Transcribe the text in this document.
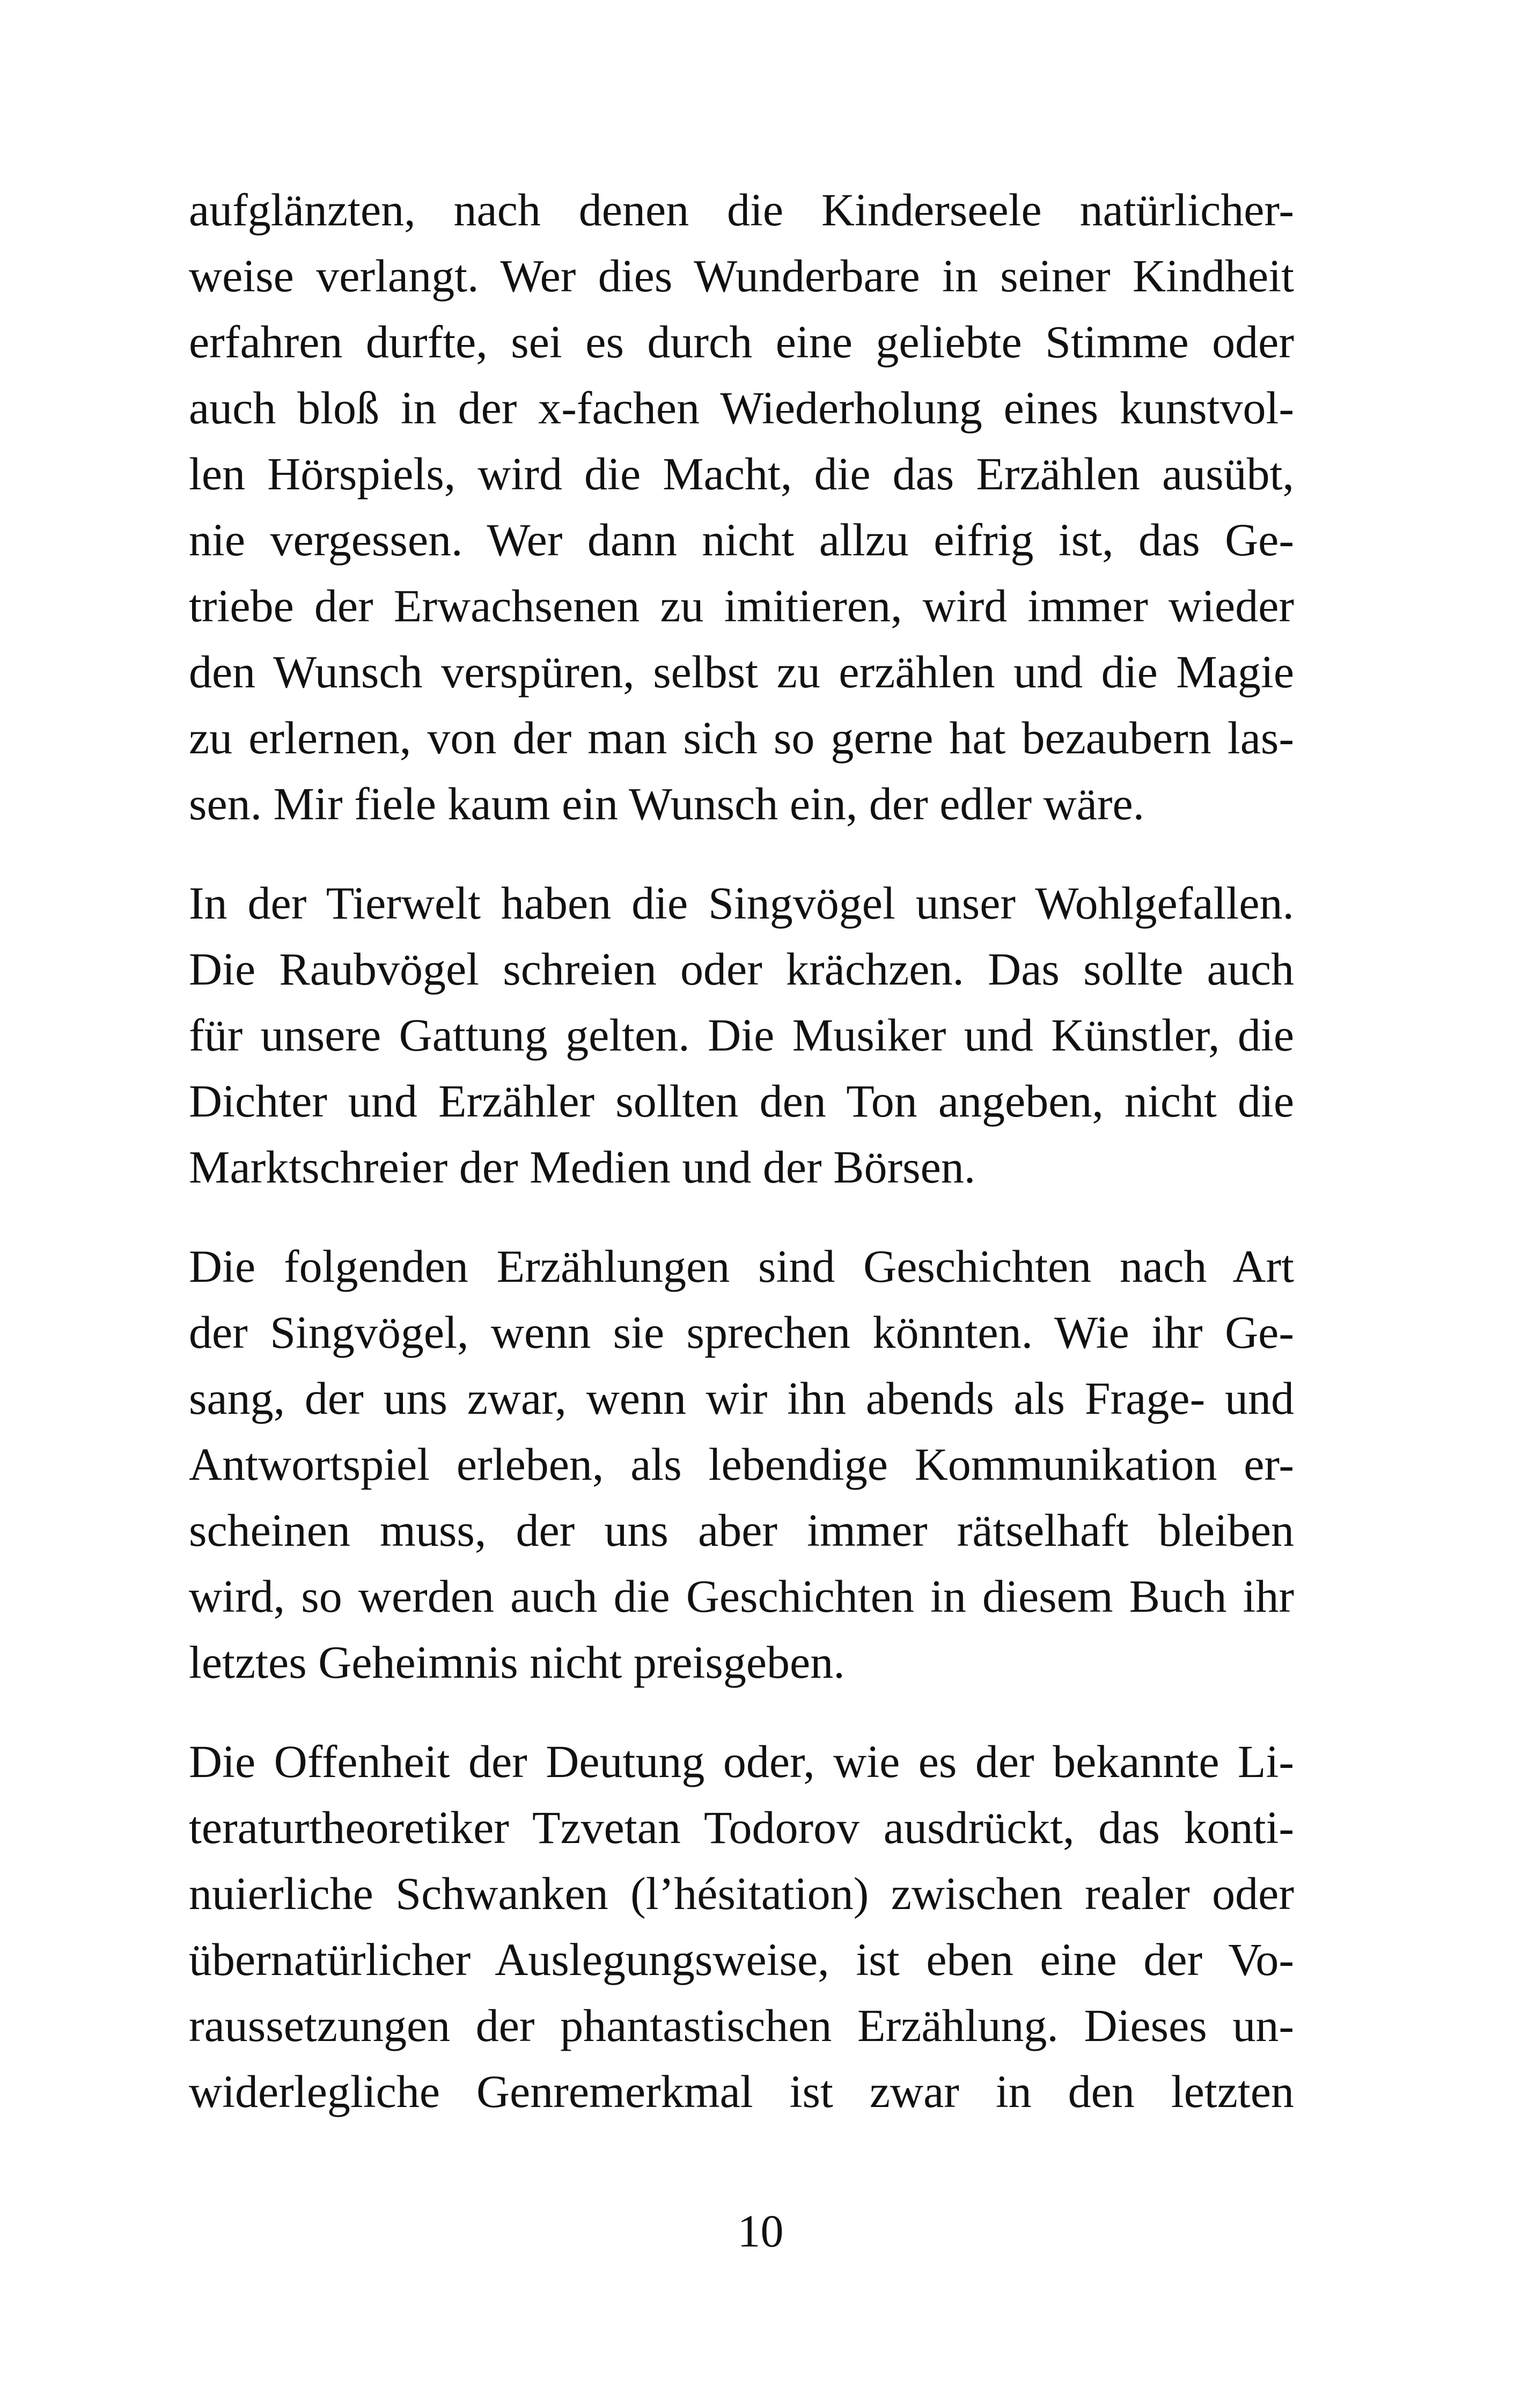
aufglänzten, nach denen die Kinderseele natürlicher-
weise verlangt. Wer dies Wunderbare in seiner Kindheit
erfahren durfte, sei es durch eine geliebte Stimme oder
auch bloß in der x-fachen Wiederholung eines kunstvol-
len Hörspiels, wird die Macht, die das Erzählen ausübt,
nie vergessen. Wer dann nicht allzu eifrig ist, das Ge-
triebe der Erwachsenen zu imitieren, wird immer wieder
den Wunsch verspüren, selbst zu erzählen und die Magie
zu erlernen, von der man sich so gerne hat bezaubern las-
sen. Mir fiele kaum ein Wunsch ein, der edler wäre.

In der Tierwelt haben die Singvögel unser Wohlgefallen.
Die Raubvögel schreien oder krächzen. Das sollte auch
für unsere Gattung gelten. Die Musiker und Künstler, die
Dichter und Erzähler sollten den Ton angeben, nicht die
Marktschreier der Medien und der Börsen.

Die folgenden Erzählungen sind Geschichten nach Art
der Singvögel, wenn sie sprechen könnten. Wie ihr Ge-
sang, der uns zwar, wenn wir ihn abends als Frage- und
Antwortspiel erleben, als lebendige Kommunikation er-
scheinen muss, der uns aber immer rätselhaft bleiben
wird, so werden auch die Geschichten in diesem Buch ihr
letztes Geheimnis nicht preisgeben.

Die Offenheit der Deutung oder, wie es der bekannte Li-
teraturtheoretiker Tzvetan Todorov ausdrückt, das konti-
nuierliche Schwanken (l’hésitation) zwischen realer oder
übernatürlicher Auslegungsweise, ist eben eine der Vo-
raussetzungen der phantastischen Erzählung. Dieses un-
widerlegliche Genremerkmal ist zwar in den letzten

10
